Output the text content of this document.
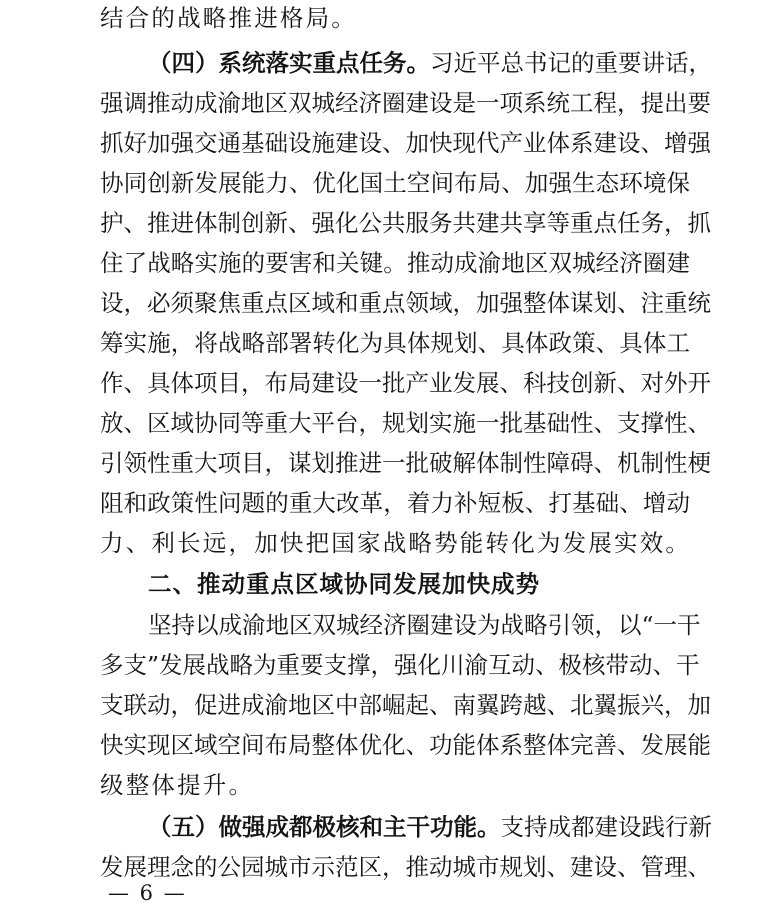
结合的战略推进格局。
（四）系统落实重点任务。习近平总书记的重要讲话，
强调推动成渝地区双城经济圈建设是一项系统工程，提出要
抓好加强交通基础设施建设、加快现代产业体系建设、增强
协同创新发展能力、优化国土空间布局、加强生态环境保
护、推进体制创新、强化公共服务共建共享等重点任务，抓
住了战略实施的要害和关键。推动成渝地区双城经济圈建
设，必须聚焦重点区域和重点领域，加强整体谋划、注重统
筹实施，将战略部署转化为具体规划、具体政策、具体工
作、具体项目，布局建设一批产业发展、科技创新、对外开
放、区域协同等重大平台，规划实施一批基础性、支撑性、
引领性重大项目，谋划推进一批破解体制性障碍、机制性梗
阻和政策性问题的重大改革，着力补短板、打基础、增动
力、利长远，加快把国家战略势能转化为发展实效。
二、推动重点区域协同发展加快成势
坚持以成渝地区双城经济圈建设为战略引领，以“一干
多支”发展战略为重要支撑，强化川渝互动、极核带动、干
支联动，促进成渝地区中部崛起、南翼跨越、北翼振兴，加
快实现区域空间布局整体优化、功能体系整体完善、发展能
级整体提升。
（五）做强成都极核和主干功能。支持成都建设践行新
发展理念的公园城市示范区，推动城市规划、建设、管理、
— 6 —
